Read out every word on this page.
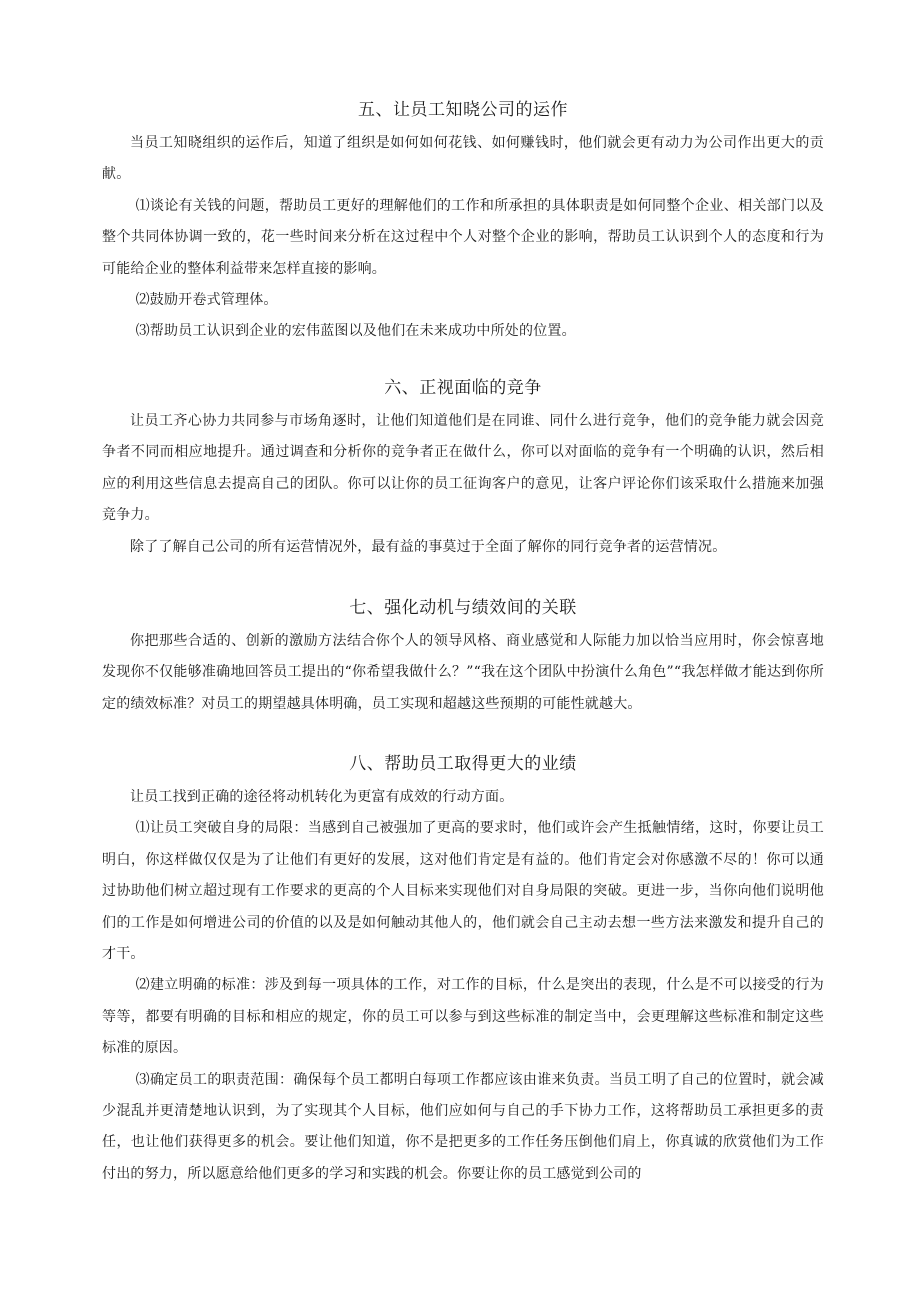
五、让员工知晓公司的运作

当员工知晓组织的运作后，知道了组织是如何如何花钱、如何赚钱时，他们就会更有动力为公司作出更大的贡献。

⑴谈论有关钱的问题，帮助员工更好的理解他们的工作和所承担的具体职责是如何同整个企业、相关部门以及整个共同体协调一致的，花一些时间来分析在这过程中个人对整个企业的影响，帮助员工认识到个人的态度和行为可能给企业的整体利益带来怎样直接的影响。

⑵鼓励开卷式管理体。

⑶帮助员工认识到企业的宏伟蓝图以及他们在未来成功中所处的位置。

六、正视面临的竞争

让员工齐心协力共同参与市场角逐时，让他们知道他们是在同谁、同什么进行竞争，他们的竞争能力就会因竞争者不同而相应地提升。通过调查和分析你的竞争者正在做什么，你可以对面临的竞争有一个明确的认识，然后相应的利用这些信息去提高自己的团队。你可以让你的员工征询客户的意见，让客户评论你们该采取什么措施来加强竞争力。

除了了解自己公司的所有运营情况外，最有益的事莫过于全面了解你的同行竞争者的运营情况。

七、强化动机与绩效间的关联

你把那些合适的、创新的激励方法结合你个人的领导风格、商业感觉和人际能力加以恰当应用时，你会惊喜地发现你不仅能够准确地回答员工提出的“你希望我做什么？”“我在这个团队中扮演什么角色”“我怎样做才能达到你所定的绩效标准？对员工的期望越具体明确，员工实现和超越这些预期的可能性就越大。

八、帮助员工取得更大的业绩

让员工找到正确的途径将动机转化为更富有成效的行动方面。

⑴让员工突破自身的局限：当感到自己被强加了更高的要求时，他们或许会产生抵触情绪，这时，你要让员工明白，你这样做仅仅是为了让他们有更好的发展，这对他们肯定是有益的。他们肯定会对你感激不尽的！你可以通过协助他们树立超过现有工作要求的更高的个人目标来实现他们对自身局限的突破。更进一步，当你向他们说明他们的工作是如何增进公司的价值的以及是如何触动其他人的，他们就会自己主动去想一些方法来激发和提升自己的才干。

⑵建立明确的标准：涉及到每一项具体的工作，对工作的目标，什么是突出的表现，什么是不可以接受的行为等等，都要有明确的目标和相应的规定，你的员工可以参与到这些标准的制定当中，会更理解这些标准和制定这些标准的原因。

⑶确定员工的职责范围：确保每个员工都明白每项工作都应该由谁来负责。当员工明了自己的位置时，就会减少混乱并更清楚地认识到，为了实现其个人目标，他们应如何与自己的手下协力工作，这将帮助员工承担更多的责任，也让他们获得更多的机会。要让他们知道，你不是把更多的工作任务压倒他们肩上，你真诚的欣赏他们为工作付出的努力，所以愿意给他们更多的学习和实践的机会。你要让你的员工感觉到公司的
